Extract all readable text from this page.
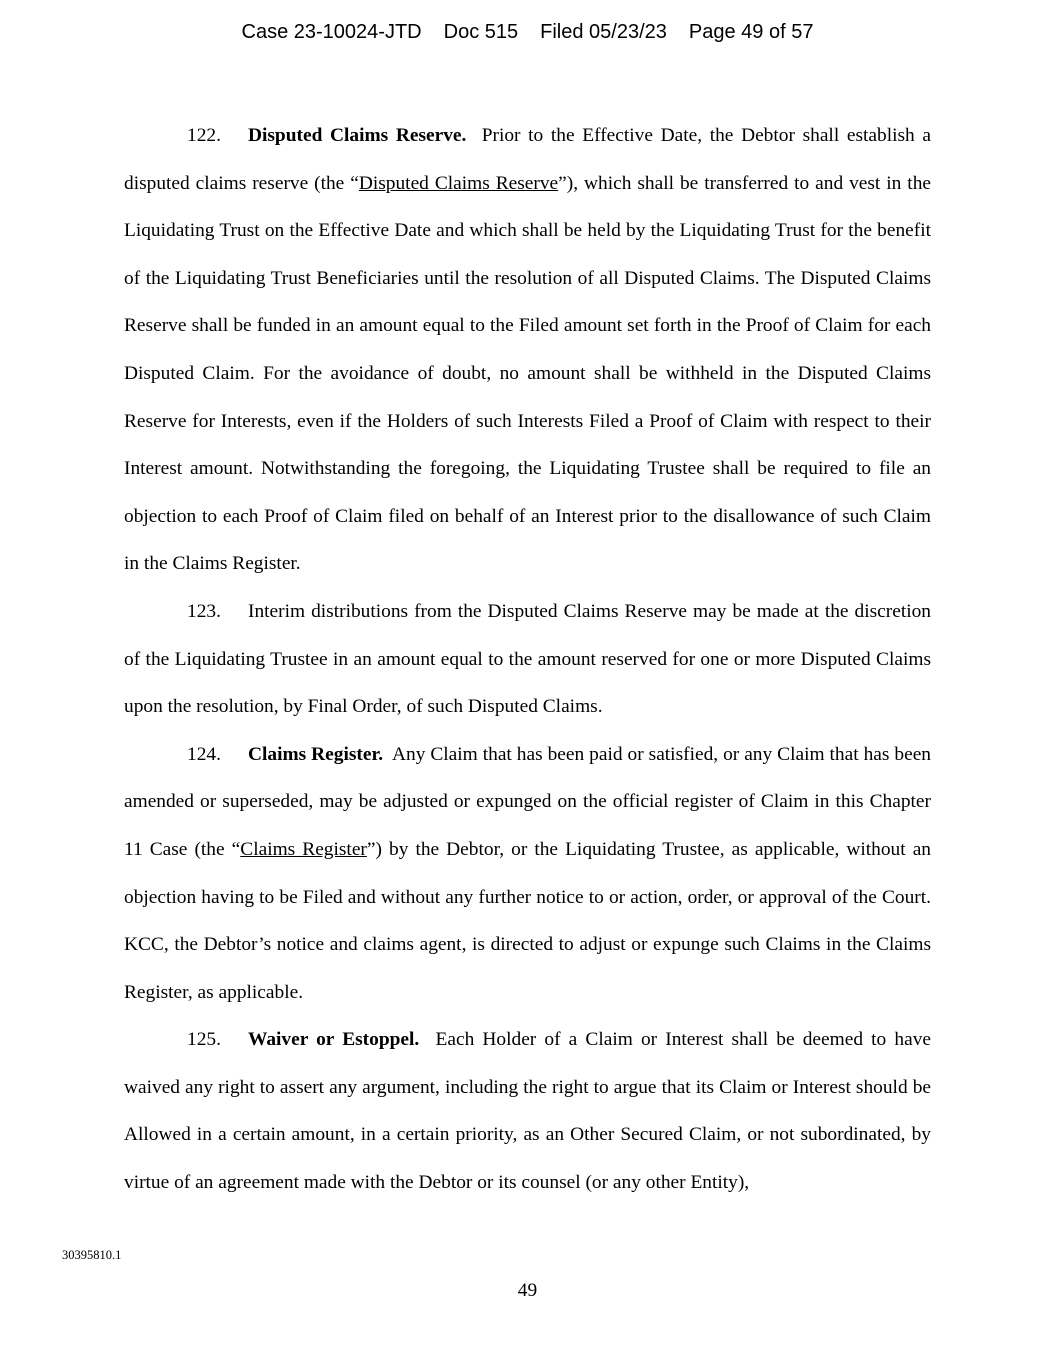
Case 23-10024-JTD Doc 515 Filed 05/23/23 Page 49 of 57

122. Disputed Claims Reserve. Prior to the Effective Date, the Debtor shall establish a disputed claims reserve (the “Disputed Claims Reserve”), which shall be transferred to and vest in the Liquidating Trust on the Effective Date and which shall be held by the Liquidating Trust for the benefit of the Liquidating Trust Beneficiaries until the resolution of all Disputed Claims. The Disputed Claims Reserve shall be funded in an amount equal to the Filed amount set forth in the Proof of Claim for each Disputed Claim. For the avoidance of doubt, no amount shall be withheld in the Disputed Claims Reserve for Interests, even if the Holders of such Interests Filed a Proof of Claim with respect to their Interest amount. Notwithstanding the foregoing, the Liquidating Trustee shall be required to file an objection to each Proof of Claim filed on behalf of an Interest prior to the disallowance of such Claim in the Claims Register.

123. Interim distributions from the Disputed Claims Reserve may be made at the discretion of the Liquidating Trustee in an amount equal to the amount reserved for one or more Disputed Claims upon the resolution, by Final Order, of such Disputed Claims.

124. Claims Register. Any Claim that has been paid or satisfied, or any Claim that has been amended or superseded, may be adjusted or expunged on the official register of Claim in this Chapter 11 Case (the “Claims Register”) by the Debtor, or the Liquidating Trustee, as applicable, without an objection having to be Filed and without any further notice to or action, order, or approval of the Court. KCC, the Debtor’s notice and claims agent, is directed to adjust or expunge such Claims in the Claims Register, as applicable.

125. Waiver or Estoppel. Each Holder of a Claim or Interest shall be deemed to have waived any right to assert any argument, including the right to argue that its Claim or Interest should be Allowed in a certain amount, in a certain priority, as an Other Secured Claim, or not subordinated, by virtue of an agreement made with the Debtor or its counsel (or any other Entity),

30395810.1
49
